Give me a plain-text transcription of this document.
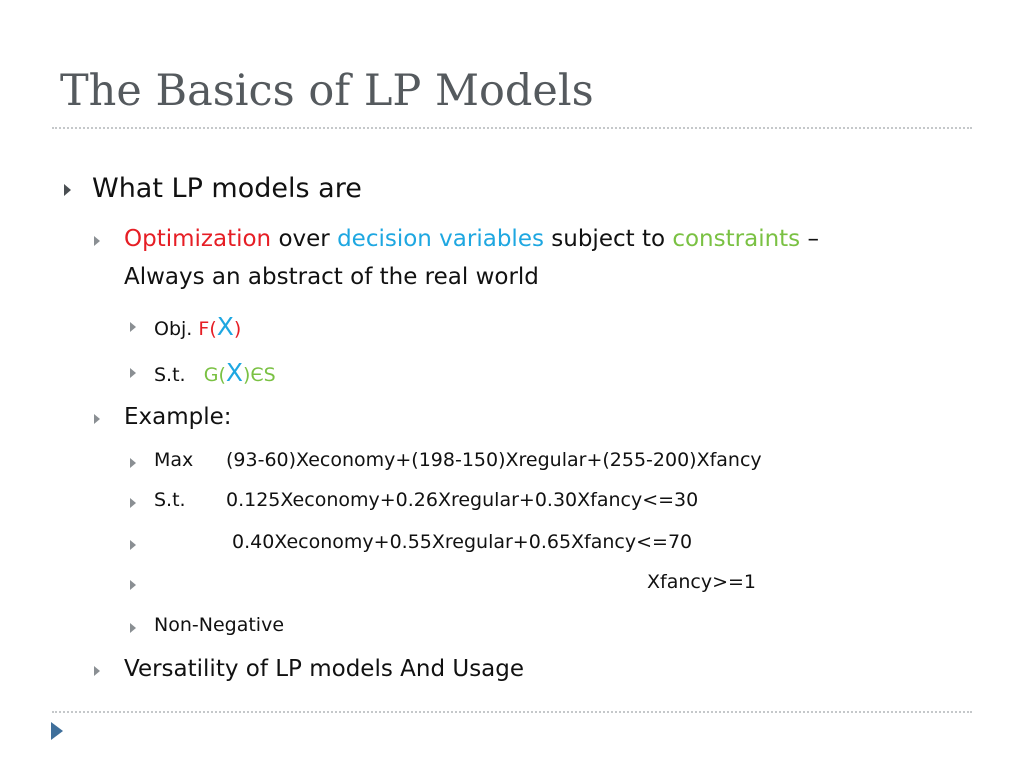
The Basics of LP Models
What LP models are
Optimization over decision variables subject to constraints –
Always an abstract of the real world
Obj. F(X)
S.t. G(X)ЄS
Example:
Max (93-60)Xeconomy+(198-150)Xregular+(255-200)Xfancy
S.t. 0.125Xeconomy+0.26Xregular+0.30Xfancy<=30
0.40Xeconomy+0.55Xregular+0.65Xfancy<=70
Xfancy>=1
Non-Negative
Versatility of LP models And Usage
